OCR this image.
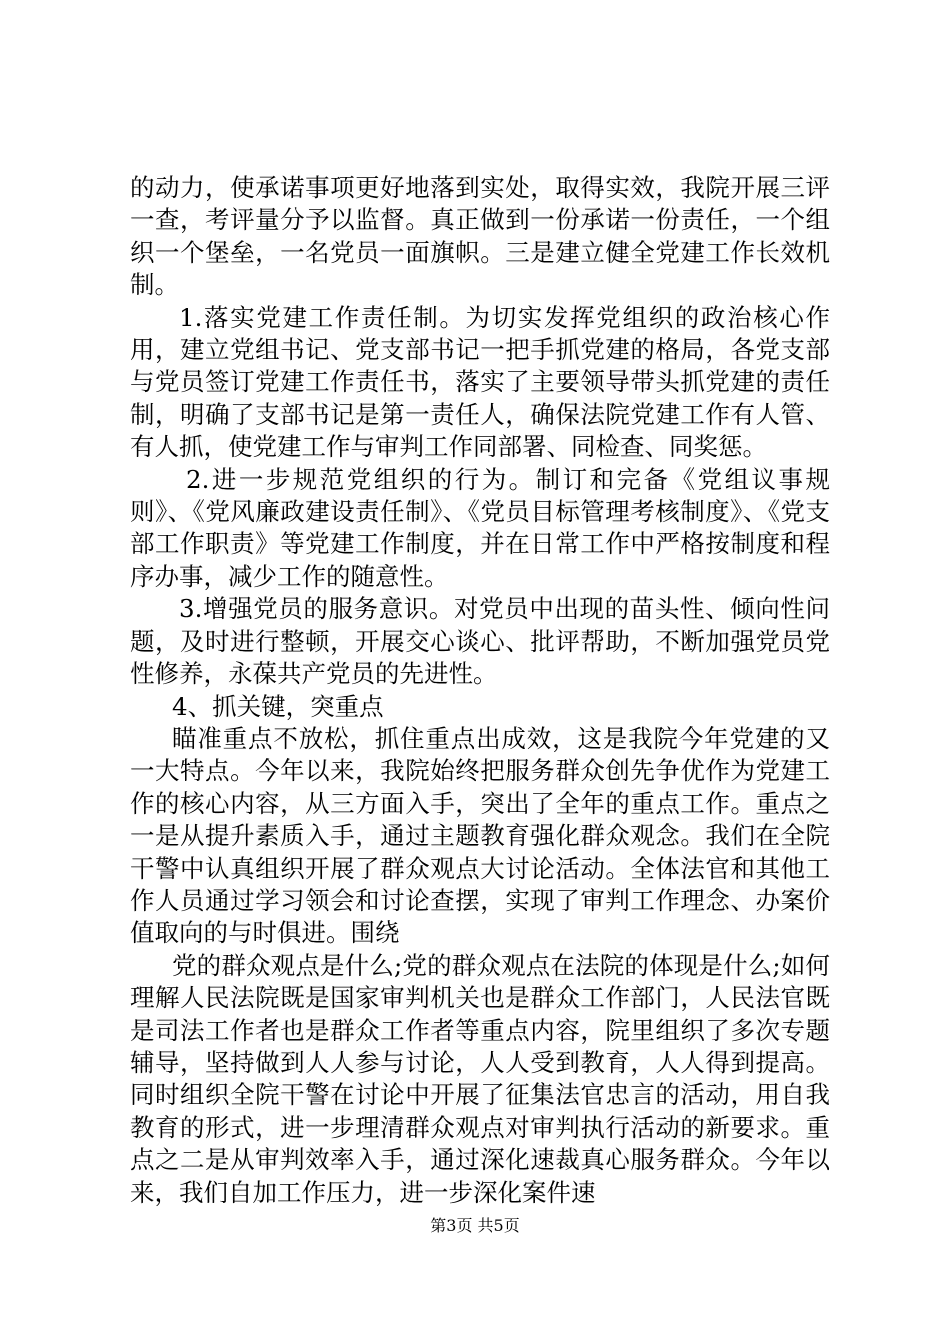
的动力，使承诺事项更好地落到实处，取得实效，我院开展三评一查，考评量分予以监督。真正做到一份承诺一份责任，一个组织一个堡垒，一名党员一面旗帜。三是建立健全党建工作长效机制。

1.落实党建工作责任制。为切实发挥党组织的政治核心作用，建立党组书记、党支部书记一把手抓党建的格局，各党支部与党员签订党建工作责任书，落实了主要领导带头抓党建的责任制，明确了支部书记是第一责任人，确保法院党建工作有人管、有人抓，使党建工作与审判工作同部署、同检查、同奖惩。

2.进一步规范党组织的行为。制订和完备《党组议事规则》、《党风廉政建设责任制》、《党员目标管理考核制度》、《党支部工作职责》等党建工作制度，并在日常工作中严格按制度和程序办事，减少工作的随意性。

3.增强党员的服务意识。对党员中出现的苗头性、倾向性问题，及时进行整顿，开展交心谈心、批评帮助，不断加强党员党性修养，永葆共产党员的先进性。

4、抓关键，突重点

瞄准重点不放松，抓住重点出成效，这是我院今年党建的又一大特点。今年以来，我院始终把服务群众创先争优作为党建工作的核心内容，从三方面入手，突出了全年的重点工作。重点之一是从提升素质入手，通过主题教育强化群众观念。我们在全院干警中认真组织开展了群众观点大讨论活动。全体法官和其他工作人员通过学习领会和讨论查摆，实现了审判工作理念、办案价值取向的与时俱进。围绕

党的群众观点是什么;党的群众观点在法院的体现是什么;如何理解人民法院既是国家审判机关也是群众工作部门，人民法官既是司法工作者也是群众工作者等重点内容，院里组织了多次专题辅导，坚持做到人人参与讨论，人人受到教育，人人得到提高。同时组织全院干警在讨论中开展了征集法官忠言的活动，用自我教育的形式，进一步理清群众观点对审判执行活动的新要求。重点之二是从审判效率入手，通过深化速裁真心服务群众。今年以来，我们自加工作压力，进一步深化案件速

第3页 共5页
